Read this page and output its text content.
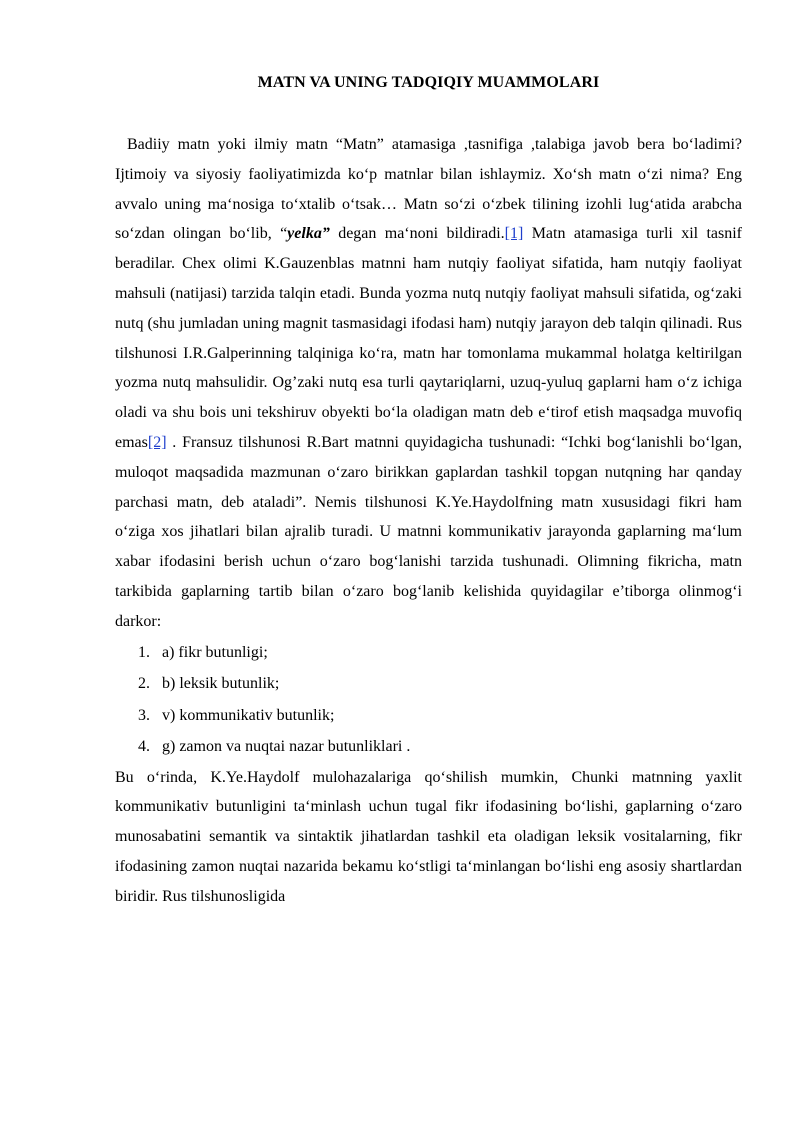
MATN VA UNING TADQIQIY MUAMMOLARI

Badiiy matn yoki ilmiy matn “Matn” atamasiga ,tasnifiga ,talabiga javob bera bo‘ladimi? Ijtimoiy va siyosiy faoliyatimizda ko‘p matnlar bilan ishlaymiz. Xo‘sh matn o‘zi nima? Eng avvalo uning ma‘nosiga to‘xtalib o‘tsak… Matn so‘zi o‘zbek tilining izohli lug‘atida arabcha so‘zdan olingan bo‘lib, “yelka” degan ma‘noni bildiradi.[1] Matn atamasiga turli xil tasnif beradilar. Chex olimi K.Gauzenblas matnni ham nutqiy faoliyat sifatida, ham nutqiy faoliyat mahsuli (natijasi) tarzida talqin etadi. Bunda yozma nutq nutqiy faoliyat mahsuli sifatida, og‘zaki nutq (shu jumladan uning magnit tasmasidagi ifodasi ham) nutqiy jarayon deb talqin qilinadi. Rus tilshunosi I.R.Galperinning talqiniga ko‘ra, matn har tomonlama mukammal holatga keltirilgan yozma nutq mahsulidir. Og’zaki nutq esa turli qaytariqlarni, uzuq-yuluq gaplarni ham o‘z ichiga oladi va shu bois uni tekshiruv obyekti bo‘la oladigan matn deb e‘tirof etish maqsadga muvofiq emas[2] . Fransuz tilshunosi R.Bart matnni quyidagicha tushunadi: “Ichki bog‘lanishli bo‘lgan, muloqot maqsadida mazmunan o‘zaro birikkan gaplardan tashkil topgan nutqning har qanday parchasi matn, deb ataladi”. Nemis tilshunosi K.Ye.Haydolfning matn xususidagi fikri ham o‘ziga xos jihatlari bilan ajralib turadi. U matnni kommunikativ jarayonda gaplarning ma‘lum xabar ifodasini berish uchun o‘zaro bog‘lanishi tarzida tushunadi. Olimning fikricha, matn tarkibida gaplarning tartib bilan o‘zaro bog‘lanib kelishida quyidagilar e’tiborga olinmog‘i darkor:

1. a) fikr butunligi;
2. b) leksik butunlik;
3. v) kommunikativ butunlik;
4. g) zamon va nuqtai nazar butunliklari .

Bu o‘rinda, K.Ye.Haydolf mulohazalariga qo‘shilish mumkin, Chunki matnning yaxlit kommunikativ butunligini ta‘minlash uchun tugal fikr ifodasining bo‘lishi, gaplarning o‘zaro munosabatini semantik va sintaktik jihatlardan tashkil eta oladigan leksik vositalarning, fikr ifodasining zamon nuqtai nazarida bekamu ko‘stligi ta‘minlangan bo‘lishi eng asosiy shartlardan biridir. Rus tilshunosligida
